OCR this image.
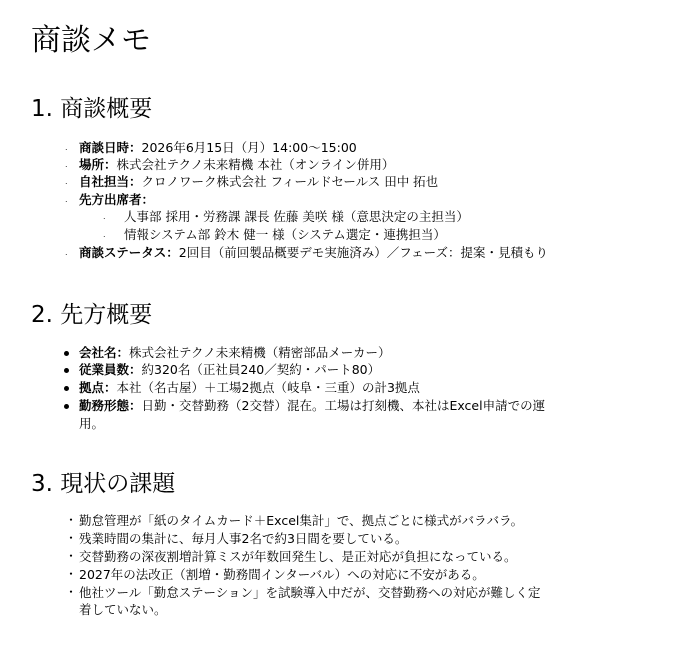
商談メモ
1. 商談概要
. 商談日時：2026年6月15日（月）14:00〜15:00
. 場所：株式会社テクノ未来精機 本社（オンライン併用）
. 自社担当：クロノワーク株式会社 フィールドセールス 田中 拓也
. 先方出席者：
. 人事部 採用・労務課 課長 佐藤 美咲 様（意思決定の主担当）
. 情報システム部 鈴木 健一 様（システム選定・連携担当）
. 商談ステータス：2回目（前回製品概要デモ実施済み）／フェーズ：提案・見積もり
2. 先方概要
会社名：株式会社テクノ未来精機（精密部品メーカー）
従業員数：約320名（正社員240／契約・パート80）
拠点：本社（名古屋）＋工場2拠点（岐阜・三重）の計3拠点
勤務形態：日勤・交替勤務（2交替）混在。工場は打刻機、本社はExcel申請での運
用。
3. 現状の課題
・ 勤怠管理が「紙のタイムカード＋Excel集計」で、拠点ごとに様式がバラバラ。
・ 残業時間の集計に、毎月人事2名で約3日間を要している。
・ 交替勤務の深夜割増計算ミスが年数回発生し、是正対応が負担になっている。
・ 2027年の法改正（割増・勤務間インターバル）への対応に不安がある。
・ 他社ツール「勤怠ステーション」を試験導入中だが、交替勤務への対応が難しく定
着していない。
